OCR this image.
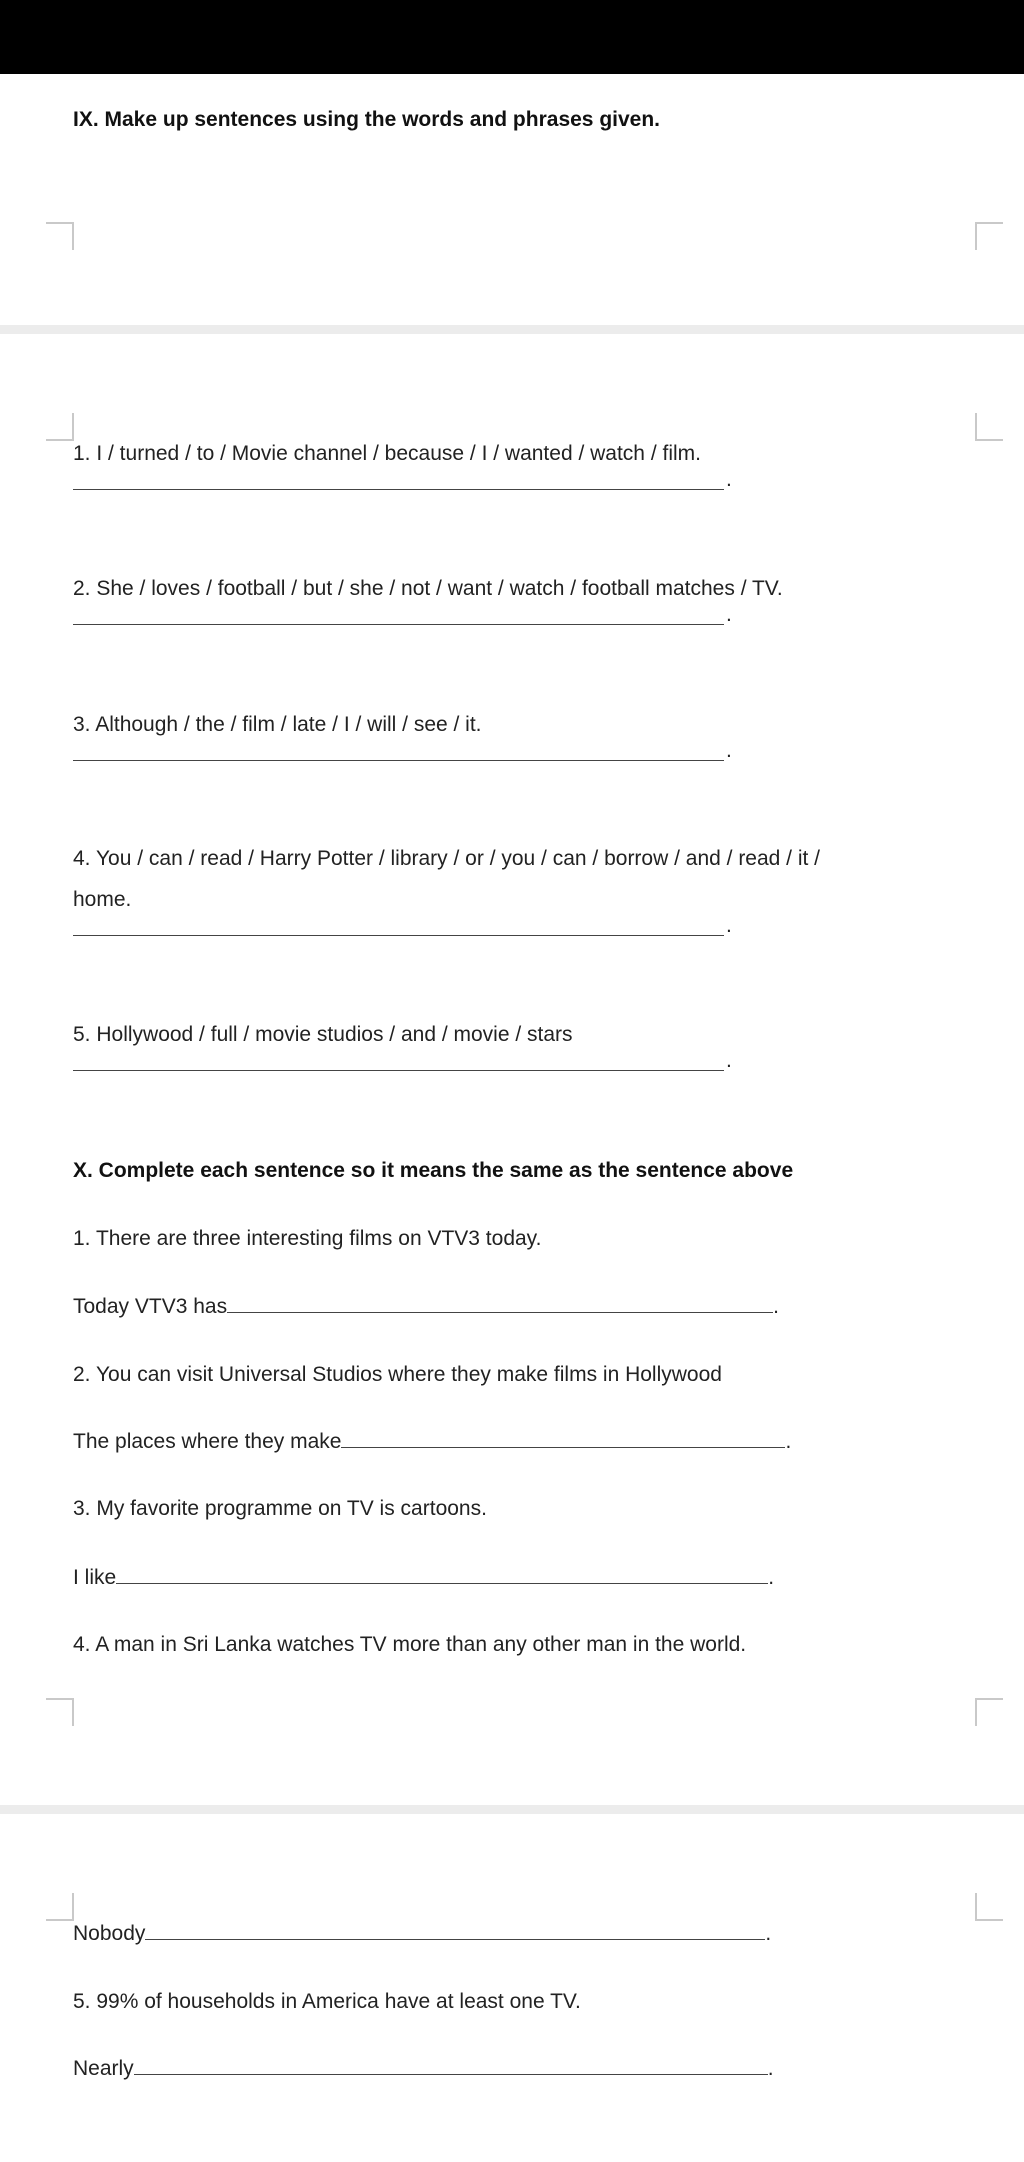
IX. Make up sentences using the words and phrases given.
1. I / turned / to / Movie channel / because / I / wanted / watch / film.
.
2. She / loves / football / but / she / not / want / watch / football matches / TV.
.
3. Although / the / film / late / I / will / see / it.
.
4. You / can / read / Harry Potter / library / or / you / can / borrow / and / read / it /
home.
.
5. Hollywood / full / movie studios / and / movie / stars
.
X. Complete each sentence so it means the same as the sentence above
1. There are three interesting films on VTV3 today.
Today VTV3 has	.
2. You can visit Universal Studios where they make films in Hollywood
The places where they make	.
3. My favorite programme on TV is cartoons.
I like	.
4. A man in Sri Lanka watches TV more than any other man in the world.
Nobody	.
5. 99% of households in America have at least one TV.
Nearly	.
